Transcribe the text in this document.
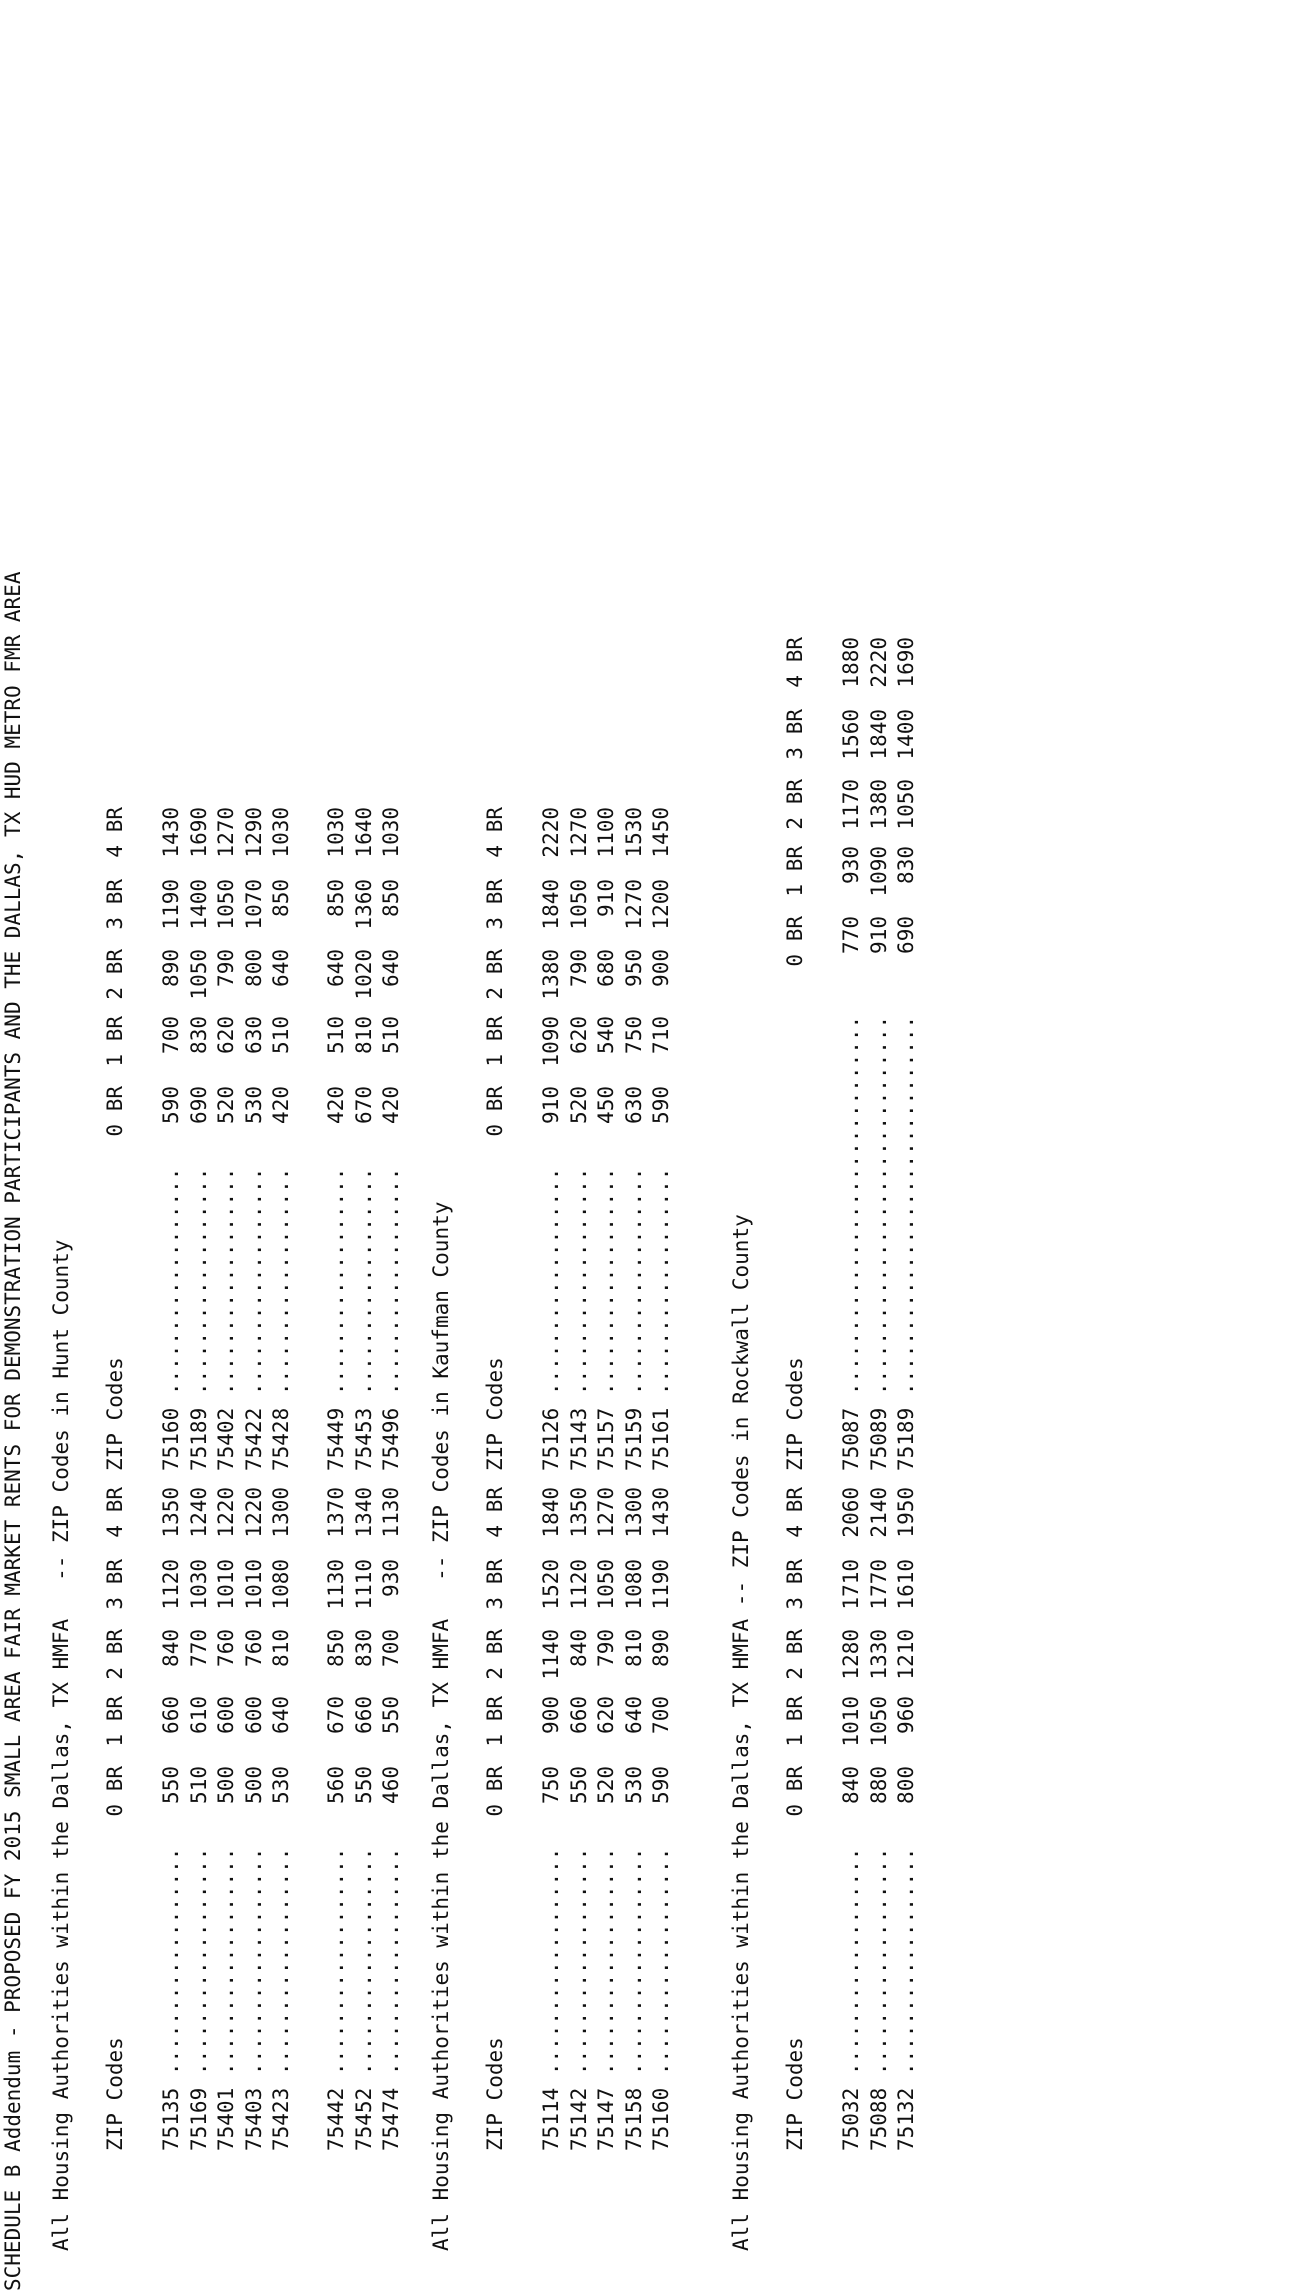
SCHEDULE B Addendum - PROPOSED FY 2015 SMALL AREA FAIR MARKET RENTS FOR DEMONSTRATION PARTICIPANTS AND THE DALLAS, TX HUD METRO FMR AREA All Housing Authorities within the Dallas, TX HMFA   -- ZIP Codes in Hunt County ZIP Codes
0 BR
1 BR
2 BR
3 BR
4 BR
ZIP Codes
0 BR
1 BR
2 BR
3 BR
4 BR
75135 ..................
550
660
840
1120
1350
75169 ..................
510
610
770
1030
1240
75401 ..................
500
600
760
1010
1220
75403 ..................
500
600
760
1010
1220
75423 ..................
530
640
810
1080
1300
75442 ..................
560
670
850
1130
1370
75452 ..................
550
660
830
1110
1340
75474 ..................
460
550
700
930
1130
75160 ..................
590
700
890
1190
1430
75189 ..................
690
830
1050
1400
1690
75402 ..................
520
620
790
1050
1270
75422 ..................
530
630
800
1070
1290
75428 ..................
420
510
640
850
1030
75449 ..................
420
510
640
850
1030
75453 ..................
670
810
1020
1360
1640
75496 ..................
420
510
640
850
1030
All Housing Authorities within the Dallas, TX HMFA   -- ZIP Codes in Kaufman County ZIP Codes
0 BR
1 BR
2 BR
3 BR
4 BR
ZIP Codes
0 BR
1 BR
2 BR
3 BR
4 BR
75114 ..................
750
900
1140
1520
1840
75142 ..................
550
660
840
1120
1350
75147 ..................
520
620
790
1050
1270
75158 ..................
530
640
810
1080
1300
75160 ..................
590
700
890
1190
1430
75126 ..................
910
1090
1380
1840
2220
75143 ..................
520
620
790
1050
1270
75157 ..................
450
540
680
910
1100
75159 ..................
630
750
950
1270
1530
75161 ..................
590
710
900
1200
1450
All Housing Authorities within the Dallas, TX HMFA -- ZIP Codes in Rockwall County ZIP Codes
0 BR
1 BR
2 BR
3 BR
4 BR
ZIP Codes
0 BR
1 BR
2 BR
3 BR
4 BR
75032 ..................
840
1010
1280
1710
2060
75088 ..................
880
1050
1330
1770
2140
75132 ..................
800
960
1210
1610
1950
75087 ..............................
770
930
1170
1560
1880
75089 ..............................
910
1090
1380
1840
2220
75189 ..............................
690
830
1050
1400
1690
